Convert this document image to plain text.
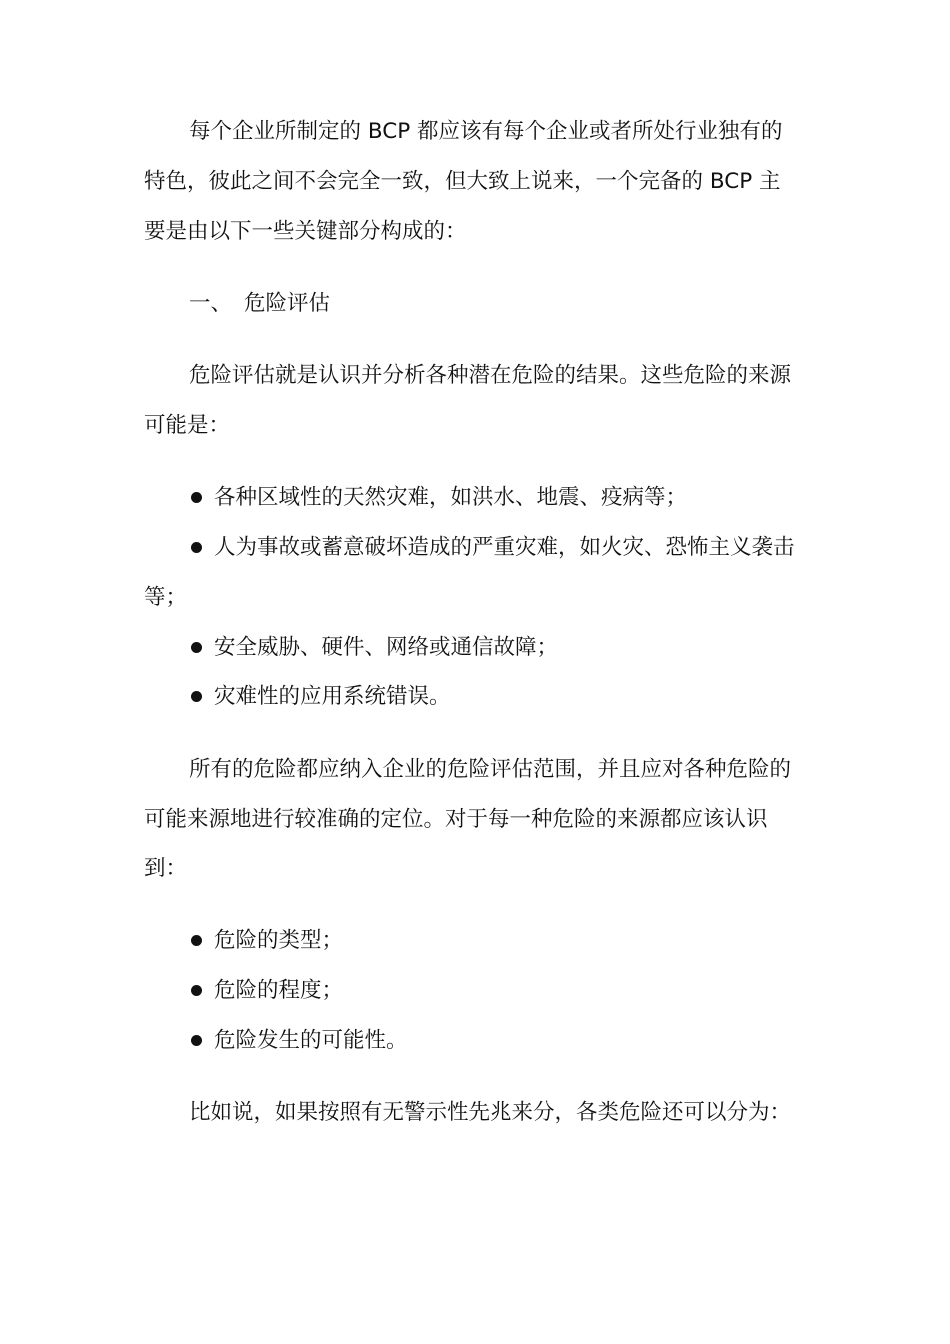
每个企业所制定的 BCP 都应该有每个企业或者所处行业独有的
特色，彼此之间不会完全一致，但大致上说来，一个完备的 BCP 主
要是由以下一些关键部分构成的：
一、 危险评估
危险评估就是认识并分析各种潜在危险的结果。这些危险的来源
可能是：
各种区域性的天然灾难，如洪水、地震、疫病等；
人为事故或蓄意破坏造成的严重灾难，如火灾、恐怖主义袭击
等；
安全威胁、硬件、网络或通信故障；
灾难性的应用系统错误。
所有的危险都应纳入企业的危险评估范围，并且应对各种危险的
可能来源地进行较准确的定位。对于每一种危险的来源都应该认识
到：
危险的类型；
危险的程度；
危险发生的可能性。
比如说，如果按照有无警示性先兆来分，各类危险还可以分为：
